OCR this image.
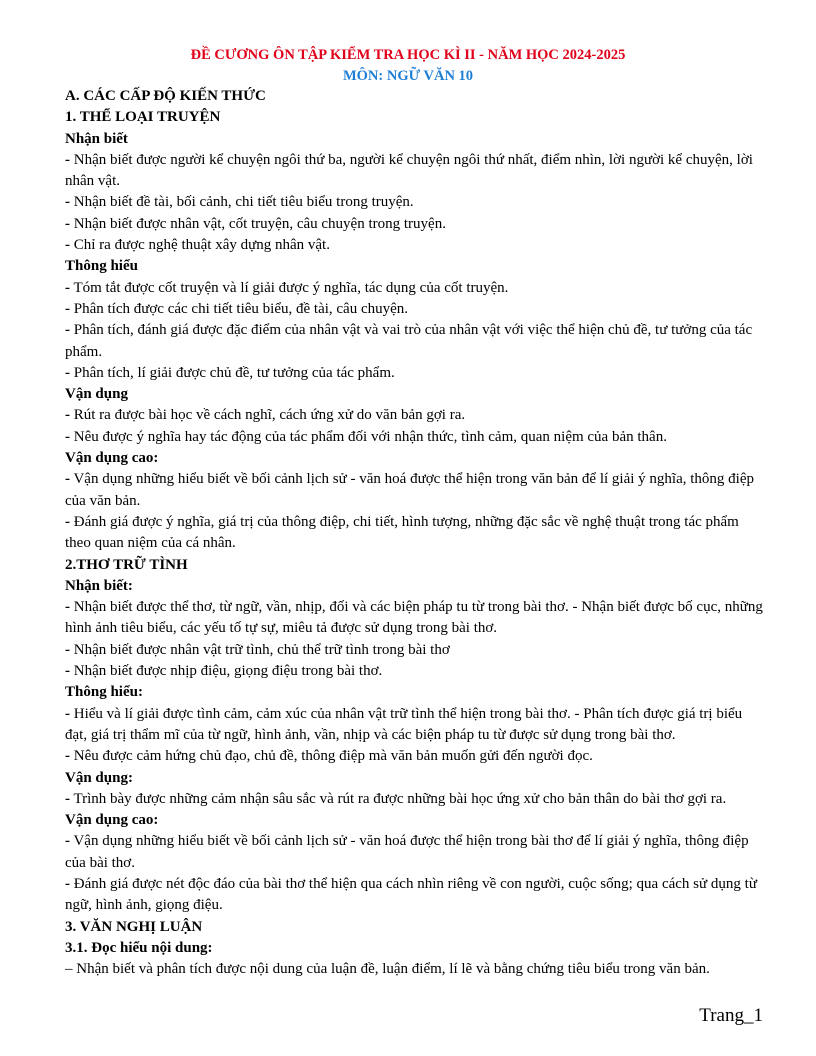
ĐỀ CƯƠNG ÔN TẬP KIỂM TRA HỌC KÌ II - NĂM HỌC 2024-2025
MÔN: NGỮ VĂN 10

A. CÁC CẤP ĐỘ KIẾN THỨC

1. THỂ LOẠI TRUYỆN

Nhận biết

- Nhận biết được người kể chuyện ngôi thứ ba, người kể chuyện ngôi thứ nhất, điểm nhìn, lời người kể chuyện, lời nhân vật.

- Nhận biết đề tài, bối cảnh, chi tiết tiêu biểu trong truyện.

- Nhận biết được nhân vật, cốt truyện, câu chuyện trong truyện.

- Chỉ ra được nghệ thuật xây dựng nhân vật.

Thông hiểu

- Tóm tắt được cốt truyện và lí giải được ý nghĩa, tác dụng của cốt truyện.

- Phân tích được các chi tiết tiêu biểu, đề tài, câu chuyện.

- Phân tích, đánh giá được đặc điểm của nhân vật và vai trò của nhân vật với việc thể hiện chủ đề, tư tưởng của tác phẩm.

- Phân tích, lí giải được chủ đề, tư tưởng của tác phẩm.

Vận dụng

- Rút ra được bài học về cách nghĩ, cách ứng xử do văn bản gợi ra.

- Nêu được ý nghĩa hay tác động của tác phẩm đối với nhận thức, tình cảm, quan niệm của bản thân.

Vận dụng cao:

- Vận dụng những hiểu biết về bối cảnh lịch sử - văn hoá được thể hiện trong văn bản để lí giải ý nghĩa, thông điệp của văn bản.

- Đánh giá được ý nghĩa, giá trị của thông điệp, chi tiết, hình tượng, những đặc sắc về nghệ thuật trong tác phẩm theo quan niệm của cá nhân.

2.THƠ TRỮ TÌNH

Nhận biết:

- Nhận biết được thể thơ, từ ngữ, vần, nhịp, đối và các biện pháp tu từ trong bài thơ. - Nhận biết được bố cục, những hình ảnh tiêu biểu, các yếu tố tự sự, miêu tả được sử dụng trong bài thơ.

- Nhận biết được nhân vật trữ tình, chủ thể trữ tình trong bài thơ

- Nhận biết được nhịp điệu, giọng điệu trong bài thơ.

Thông hiểu:

- Hiểu và lí giải được tình cảm, cảm xúc của nhân vật trữ tình thể hiện trong bài thơ. - Phân tích được giá trị biểu đạt, giá trị thẩm mĩ của từ ngữ, hình ảnh, vần, nhịp và các biện pháp tu từ được sử dụng trong bài thơ.

- Nêu được cảm hứng chủ đạo, chủ đề, thông điệp mà văn bản muốn gửi đến người đọc.

Vận dụng:

- Trình bày được những cảm nhận sâu sắc và rút ra được những bài học ứng xử cho bản thân do bài thơ gợi ra.

Vận dụng cao:

- Vận dụng những hiểu biết về bối cảnh lịch sử - văn hoá được thể hiện trong bài thơ để lí giải ý nghĩa, thông điệp của bài thơ.

- Đánh giá được nét độc đáo của bài thơ thể hiện qua cách nhìn riêng về con người, cuộc sống; qua cách sử dụng từ ngữ, hình ảnh, giọng điệu.

3. VĂN NGHỊ LUẬN

3.1. Đọc hiểu nội dung:

– Nhận biết và phân tích được nội dung của luận đề, luận điểm, lí lẽ và bằng chứng tiêu biểu trong văn bản.

Trang_1
